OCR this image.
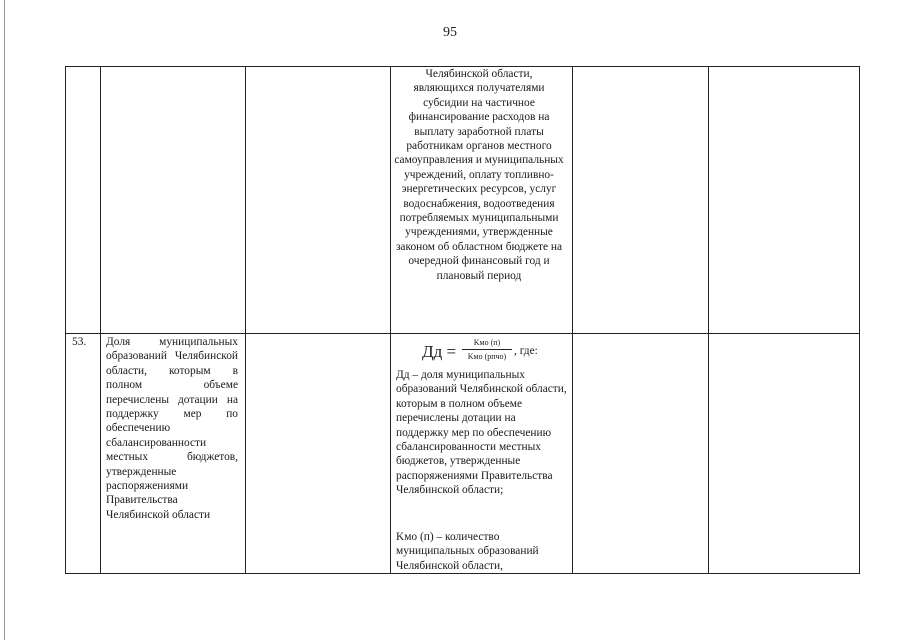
95
Челябинской области, являющихся получателями субсидии на частичное финансирование расходов на выплату заработной платы работникам органов местного самоуправления и муниципальных учреждений, оплату топливно-энергетических ресурсов, услуг водоснабжения, водоотведения потребляемых муниципальными учреждениями, утвержденные законом об областном бюджете на очередной финансовый год и плановый период
53.	Доля муниципальных образований Челябинской области, которым в полном объеме перечислены дотации на поддержку мер по обеспечению сбалансированности местных бюджетов, утвержденные распоряжениями Правительства Челябинской области
Дд =	Kмо (п)
Kмо (рпчо) , где:
Дд – доля муниципальных образований Челябинской области, которым в полном объеме перечислены дотации на поддержку мер по обеспечению сбалансированности местных бюджетов, утвержденные распоряжениями Правительства Челябинской области;
Kмо (п) – количество муниципальных образований Челябинской области,
